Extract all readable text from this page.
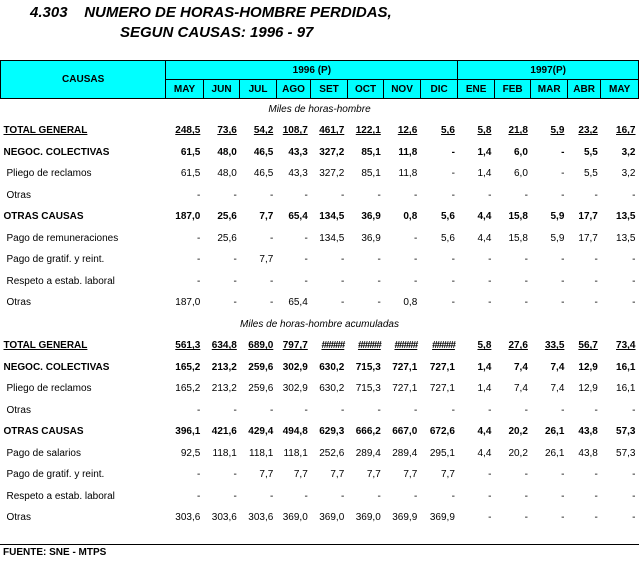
4.303    NUMERO DE HORAS-HOMBRE PERDIDAS,
SEGUN CAUSAS: 1996 - 97
CAUSAS	1996 (P)								1997(P)				
	MAY	JUN	JUL	AGO	SET	OCT	NOV	DIC	ENE	FEB	MAR	ABR	MAY
Miles de horas-hombre													
TOTAL GENERAL	248,5	73,6	54,2	108,7	461,7	122,1	12,6	5,6	5,8	21,8	5,9	23,2	16,7
NEGOC. COLECTIVAS	61,5	48,0	46,5	43,3	327,2	85,1	11,8	-	1,4	6,0	-	5,5	3,2
Pliego de reclamos	61,5	48,0	46,5	43,3	327,2	85,1	11,8	-	1,4	6,0	-	5,5	3,2
Otras	-	-	-	-	-	-	-	-	-	-	-	-	-
OTRAS CAUSAS	187,0	25,6	7,7	65,4	134,5	36,9	0,8	5,6	4,4	15,8	5,9	17,7	13,5
Pago de remuneraciones	-	25,6	-	-	134,5	36,9	-	5,6	4,4	15,8	5,9	17,7	13,5
Pago de gratif. y reint.	-	-	7,7	-	-	-	-	-	-	-	-	-	-
Respeto a estab. laboral	-	-	-	-	-	-	-	-	-	-	-	-	-
Otras	187,0	-	-	65,4	-	-	0,8	-	-	-	-	-	-
Miles de horas-hombre acumuladas													
TOTAL GENERAL	561,3	634,8	689,0	797,7	#####	#####	#####	#####	5,8	27,6	33,5	56,7	73,4
NEGOC. COLECTIVAS	165,2	213,2	259,6	302,9	630,2	715,3	727,1	727,1	1,4	7,4	7,4	12,9	16,1
Pliego de reclamos	165,2	213,2	259,6	302,9	630,2	715,3	727,1	727,1	1,4	7,4	7,4	12,9	16,1
Otras	-	-	-	-	-	-	-	-	-	-	-	-	-
OTRAS CAUSAS	396,1	421,6	429,4	494,8	629,3	666,2	667,0	672,6	4,4	20,2	26,1	43,8	57,3
Pago de salarios	92,5	118,1	118,1	118,1	252,6	289,4	289,4	295,1	4,4	20,2	26,1	43,8	57,3
Pago de gratif. y reint.	-	-	7,7	7,7	7,7	7,7	7,7	7,7	-	-	-	-	-
Respeto a estab. laboral	-	-	-	-	-	-	-	-	-	-	-	-	-
Otras	303,6	303,6	303,6	369,0	369,0	369,0	369,9	369,9	-	-	-	-	-
FUENTE: SNE - MTPS
